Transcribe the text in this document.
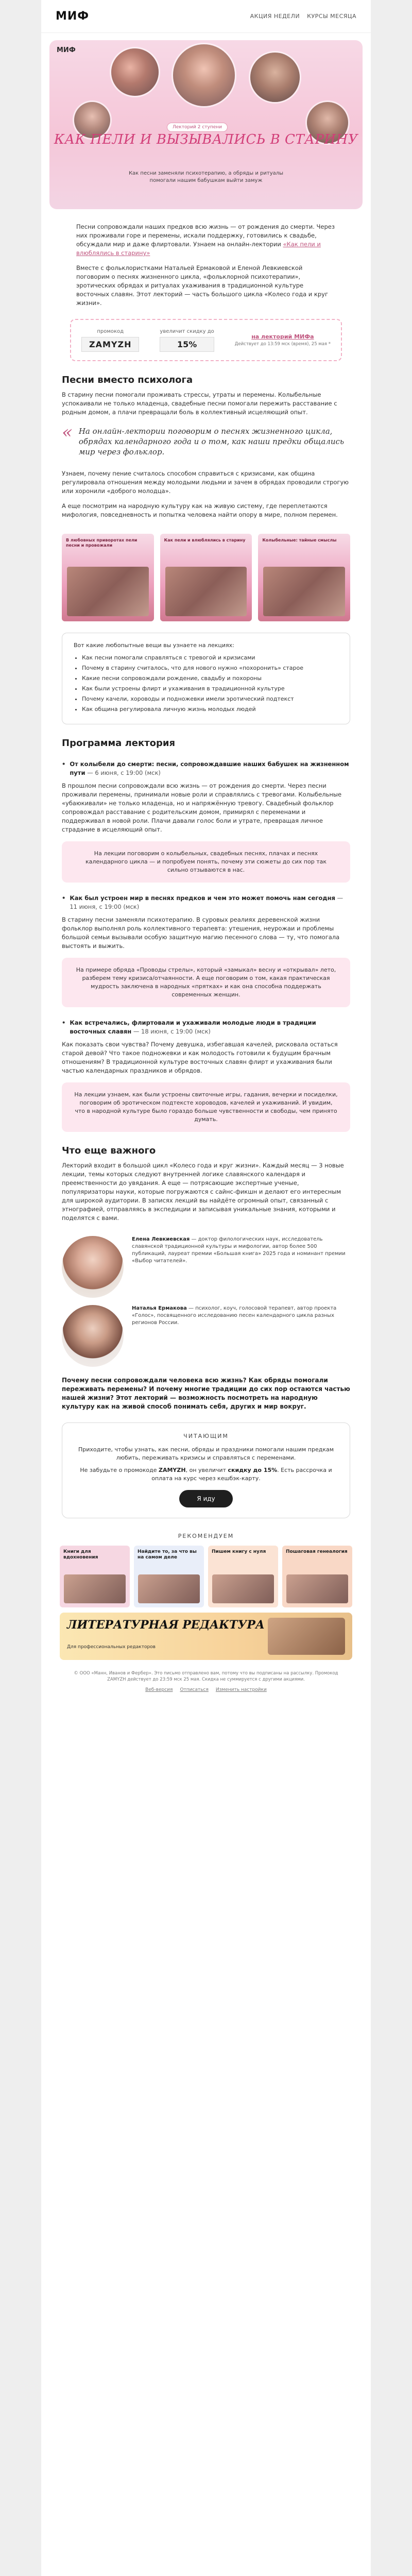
МИФ	АКЦИЯ НЕДЕЛИ КУРСЫ МЕСЯЦА
МИФ
Лекторий 2 ступени
КАК ПЕЛИ И ВЫЗЫВАЛИСЬ В СТАРИНУ
Как песни заменяли психотерапию, а обряды и ритуалы помогали нашим бабушкам выйти замуж

Песни сопровождали наших предков всю жизнь — от рождения до смерти. Через них проживали горе и перемены, искали поддержку, готовились к свадьбе, обсуждали мир и даже флиртовали. Узнаем на онлайн-лектории «Как пели и влюблялись в старину»

Вместе с фольклористками Натальей Ермаковой и Еленой Левкиевской поговорим о песнях жизненного цикла, «фольклорной психотерапии», эротических обрядах и ритуалах ухаживания в традиционной культуре восточных славян. Этот лекторий — часть большого цикла «Колесо года и круг жизни».

промокод
ZAMYZH
увеличит скидку до
15%
на лекторий МИФа
Действует до 13:59 мск (время), 25 мая *
Песни вместо психолога

В старину песни помогали проживать стрессы, утраты и перемены. Колыбельные успокаивали не только младенца, свадебные песни помогали пережить расставание с родным домом, а плачи превращали боль в коллективный исцеляющий опыт.

« На онлайн-лектории поговорим о песнях жизненного цикла, обрядах календарного года и о том, как наши предки общались мир через фольклор.

Узнаем, почему пение считалось способом справиться с кризисами, как община регулировала отношения между молодыми людьми и зачем в обрядах проводили строгую или хоронили «доброго молодца».

А еще посмотрим на народную культуру как на живую систему, где переплетаются мифология, повседневность и попытка человека найти опору в мире, полном перемен.

В любовных приворотах пели песни и провожали
Как пели и влюблялись в старину	Колыбельные: тайные смыслы
Вот какие любопытные вещи вы узнаете на лекциях:
• Как песни помогали справляться с тревогой и кризисами
• Почему в старину считалось, что для нового нужно «похоронить» старое
• Какие песни сопровождали рождение, свадьбу и похороны
• Как были устроены флирт и ухаживания в традиционной культуре
• Почему качели, хороводы и подножевки имели эротический подтекст
• Как община регулировала личную жизнь молодых людей
Программа лектория
• От колыбели до смерти: песни, сопровождавшие наших бабушек на жизненном пути — 6 июня, с 19:00 (мск)

В прошлом песни сопровождали всю жизнь — от рождения до смерти. Через песни проживали перемены, принимали новые роли и справлялись с тревогами. Колыбельные «убаюкивали» не только младенца, но и напряжённую тревогу. Свадебный фольклор сопровождал расставание с родительским домом, примирял с переменами и поддерживал в новой роли. Плачи давали голос боли и утрате, превращая личное страдание в исцеляющий опыт.

На лекции поговорим о колыбельных, свадебных песнях, плачах и песнях календарного цикла — и попробуем понять, почему эти сюжеты до сих пор так сильно отзываются в нас.
• Как был устроен мир в песнях предков и чем это может помочь нам сегодня — 11 июня, с 19:00 (мск)

В старину песни заменяли психотерапию. В суровых реалиях деревенской жизни фольклор выполнял роль коллективного терапевта: утешения, неурожаи и проблемы большой семьи вызывали особую защитную магию песенного слова — ту, что помогала выстоять и выжить.

На примере обряда «Проводы стрелы», который «замыкал» весну и «открывал» лето, разберем тему кризиса/отчаянности. А еще поговорим о том, какая практическая мудрость заключена в народных «прятках» и как она способна поддержать современных женщин.
• Как встречались, флиртовали и ухаживали молодые люди в традиции восточных славян — 18 июня, с 19:00 (мск)

Как показать свои чувства? Почему девушка, избегавшая качелей, рисковала остаться старой девой? Что такое подножевки и как молодость готовили к будущим брачным отношениям? В традиционной культуре восточных славян флирт и ухаживания были частью календарных праздников и обрядов.

На лекции узнаем, как были устроены свиточные игры, гадания, вечерки и посиделки, поговорим об эротическом подтексте хороводов, качелей и ухаживаний. И увидим, что в народной культуре было гораздо больше чувственности и свободы, чем принято думать.
Что еще важного

Лекторий входит в большой цикл «Колесо года и круг жизни». Каждый месяц — 3 новые лекции, темы которых следуют внутренней логике славянского календаря и преемственности до увядания. А еще — потрясающие экспертные ученые, популяризаторы науки, которые погружаются с сайнс-фикшн и делают его интересным для широкой аудитории. В записях лекций вы найдёте огромный опыт, связанный с этнографией, отправляясь в экспедиции и записывая уникальные знания, которыми и поделятся с вами.

Елена Левкиевская — доктор филологических наук, исследователь славянской традиционной культуры и мифологии, автор более 500 публикаций, лауреат премии «Большая книга» 2025 года и номинант премии «Выбор читателей».
Наталья Ермакова — психолог, коуч, голосовой терапевт, автор проекта «Голос», посвященного исследованию песен календарного цикла разных регионов России.
Почему песни сопровождали человека всю жизнь? Как обряды помогали переживать перемены? И почему многие традиции до сих пор остаются частью нашей жизни? Этот лекторий — возможность посмотреть на народную культуру как на живой способ понимать себя, других и мир вокруг.
ЧИТАЮЩИМ
Приходите, чтобы узнать, как песни, обряды и праздники помогали нашим предкам любить, переживать кризисы и справляться с переменами.
Не забудьте о промокоде ZAMYZH, он увеличит скидку до 15%. Есть рассрочка и оплата на курс через кешбэк-карту.
Я иду
РЕКОМЕНДУЕМ
Книги для вдохновения
Найдите то, за что вы на самом деле
Пишем книгу с нуля	Пошаговая генеалогия
ЛИТЕРАТУРНАЯ РЕДАКТУРА
Для профессиональных редакторов
© ООО «Манн, Иванов и Фербер». Это письмо отправлено вам, потому что вы подписаны на рассылку. Промокод ZAMYZH действует до 23:59 мск 25 мая. Скидка не суммируется с другими акциями.
Веб-версия Отписаться Изменить настройки
